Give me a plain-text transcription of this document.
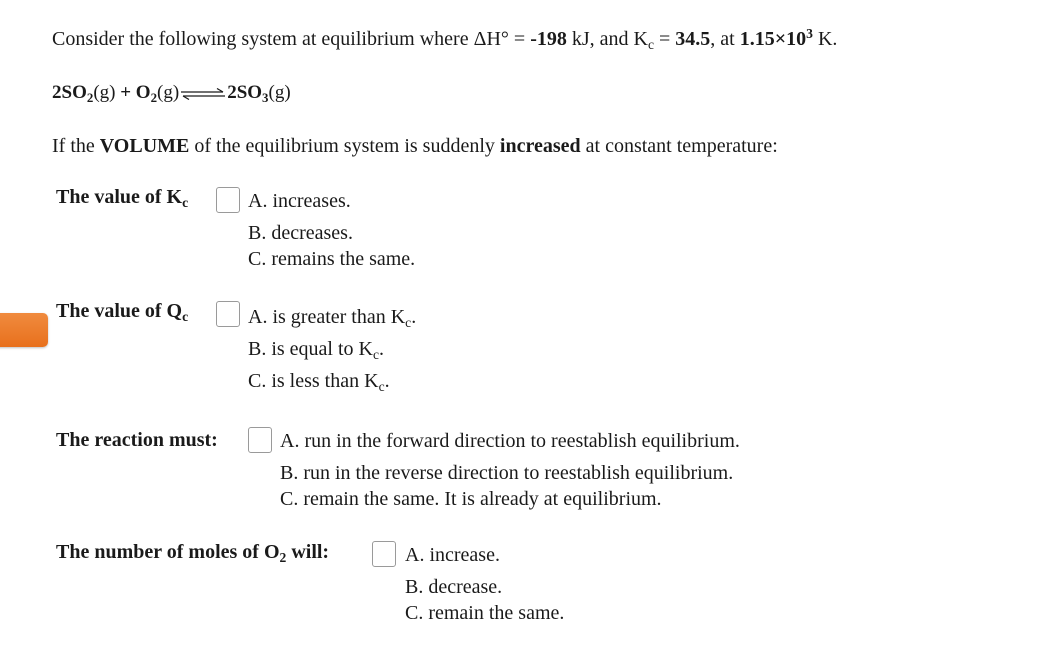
Consider the following system at equilibrium where ΔH° = -198 kJ, and $K_c = 34.5$, at $1.15\times 10^3$ K.
$2SO_2(g) + O_2(g)$ ⇌ $2SO_3(g)$
If the VOLUME of the equilibrium system is suddenly increased at constant temperature:
The value of $K_c$	A. increases.
B. decreases.
C. remains the same.
The value of $Q_c$	A. is greater than $K_c$.
B. is equal to $K_c$.
C. is less than $K_c$.
The reaction must:	A. run in the forward direction to reestablish equilibrium.
B. run in the reverse direction to reestablish equilibrium.
C. remain the same. It is already at equilibrium.
The number of moles of $O_2$ will:	A. increase.
B. decrease.
C. remain the same.
